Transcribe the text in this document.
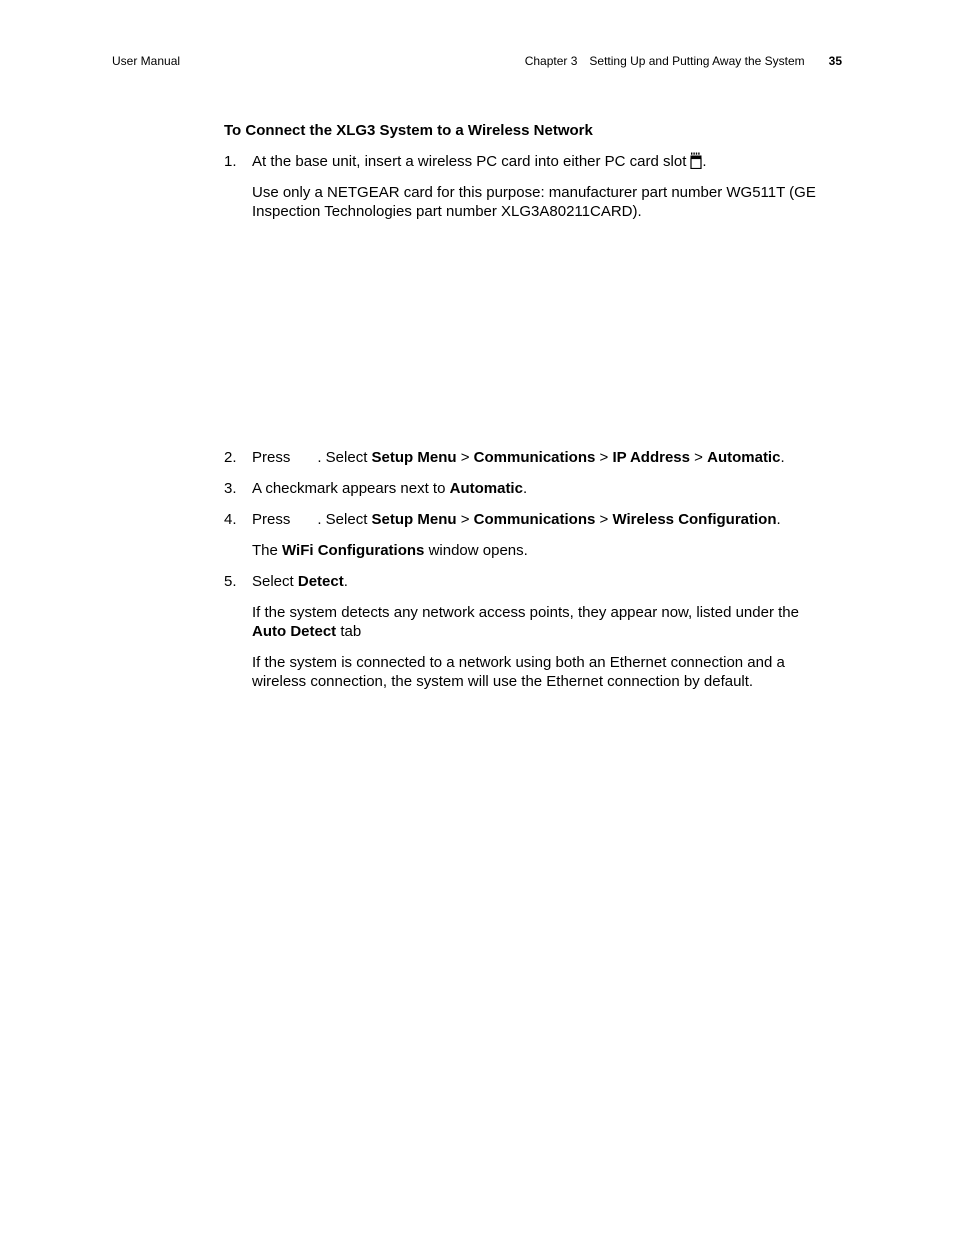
User Manual	Chapter 3 Setting Up and Putting Away the System 35
To Connect the XLG3 System to a Wireless Network
1. At the base unit, insert a wireless PC card into either PC card slot .
Use only a NETGEAR card for this purpose: manufacturer part number WG511T (GE Inspection Technologies part number XLG3A80211CARD).
2. Press . Select Setup Menu > Communications > IP Address > Automatic.
3. A checkmark appears next to Automatic.
4. Press . Select Setup Menu > Communications > Wireless Configuration.
The WiFi Configurations window opens.
5. Select Detect.
If the system detects any network access points, they appear now, listed under the Auto Detect tab
If the system is connected to a network using both an Ethernet connection and a wireless connection, the system will use the Ethernet connection by default.
